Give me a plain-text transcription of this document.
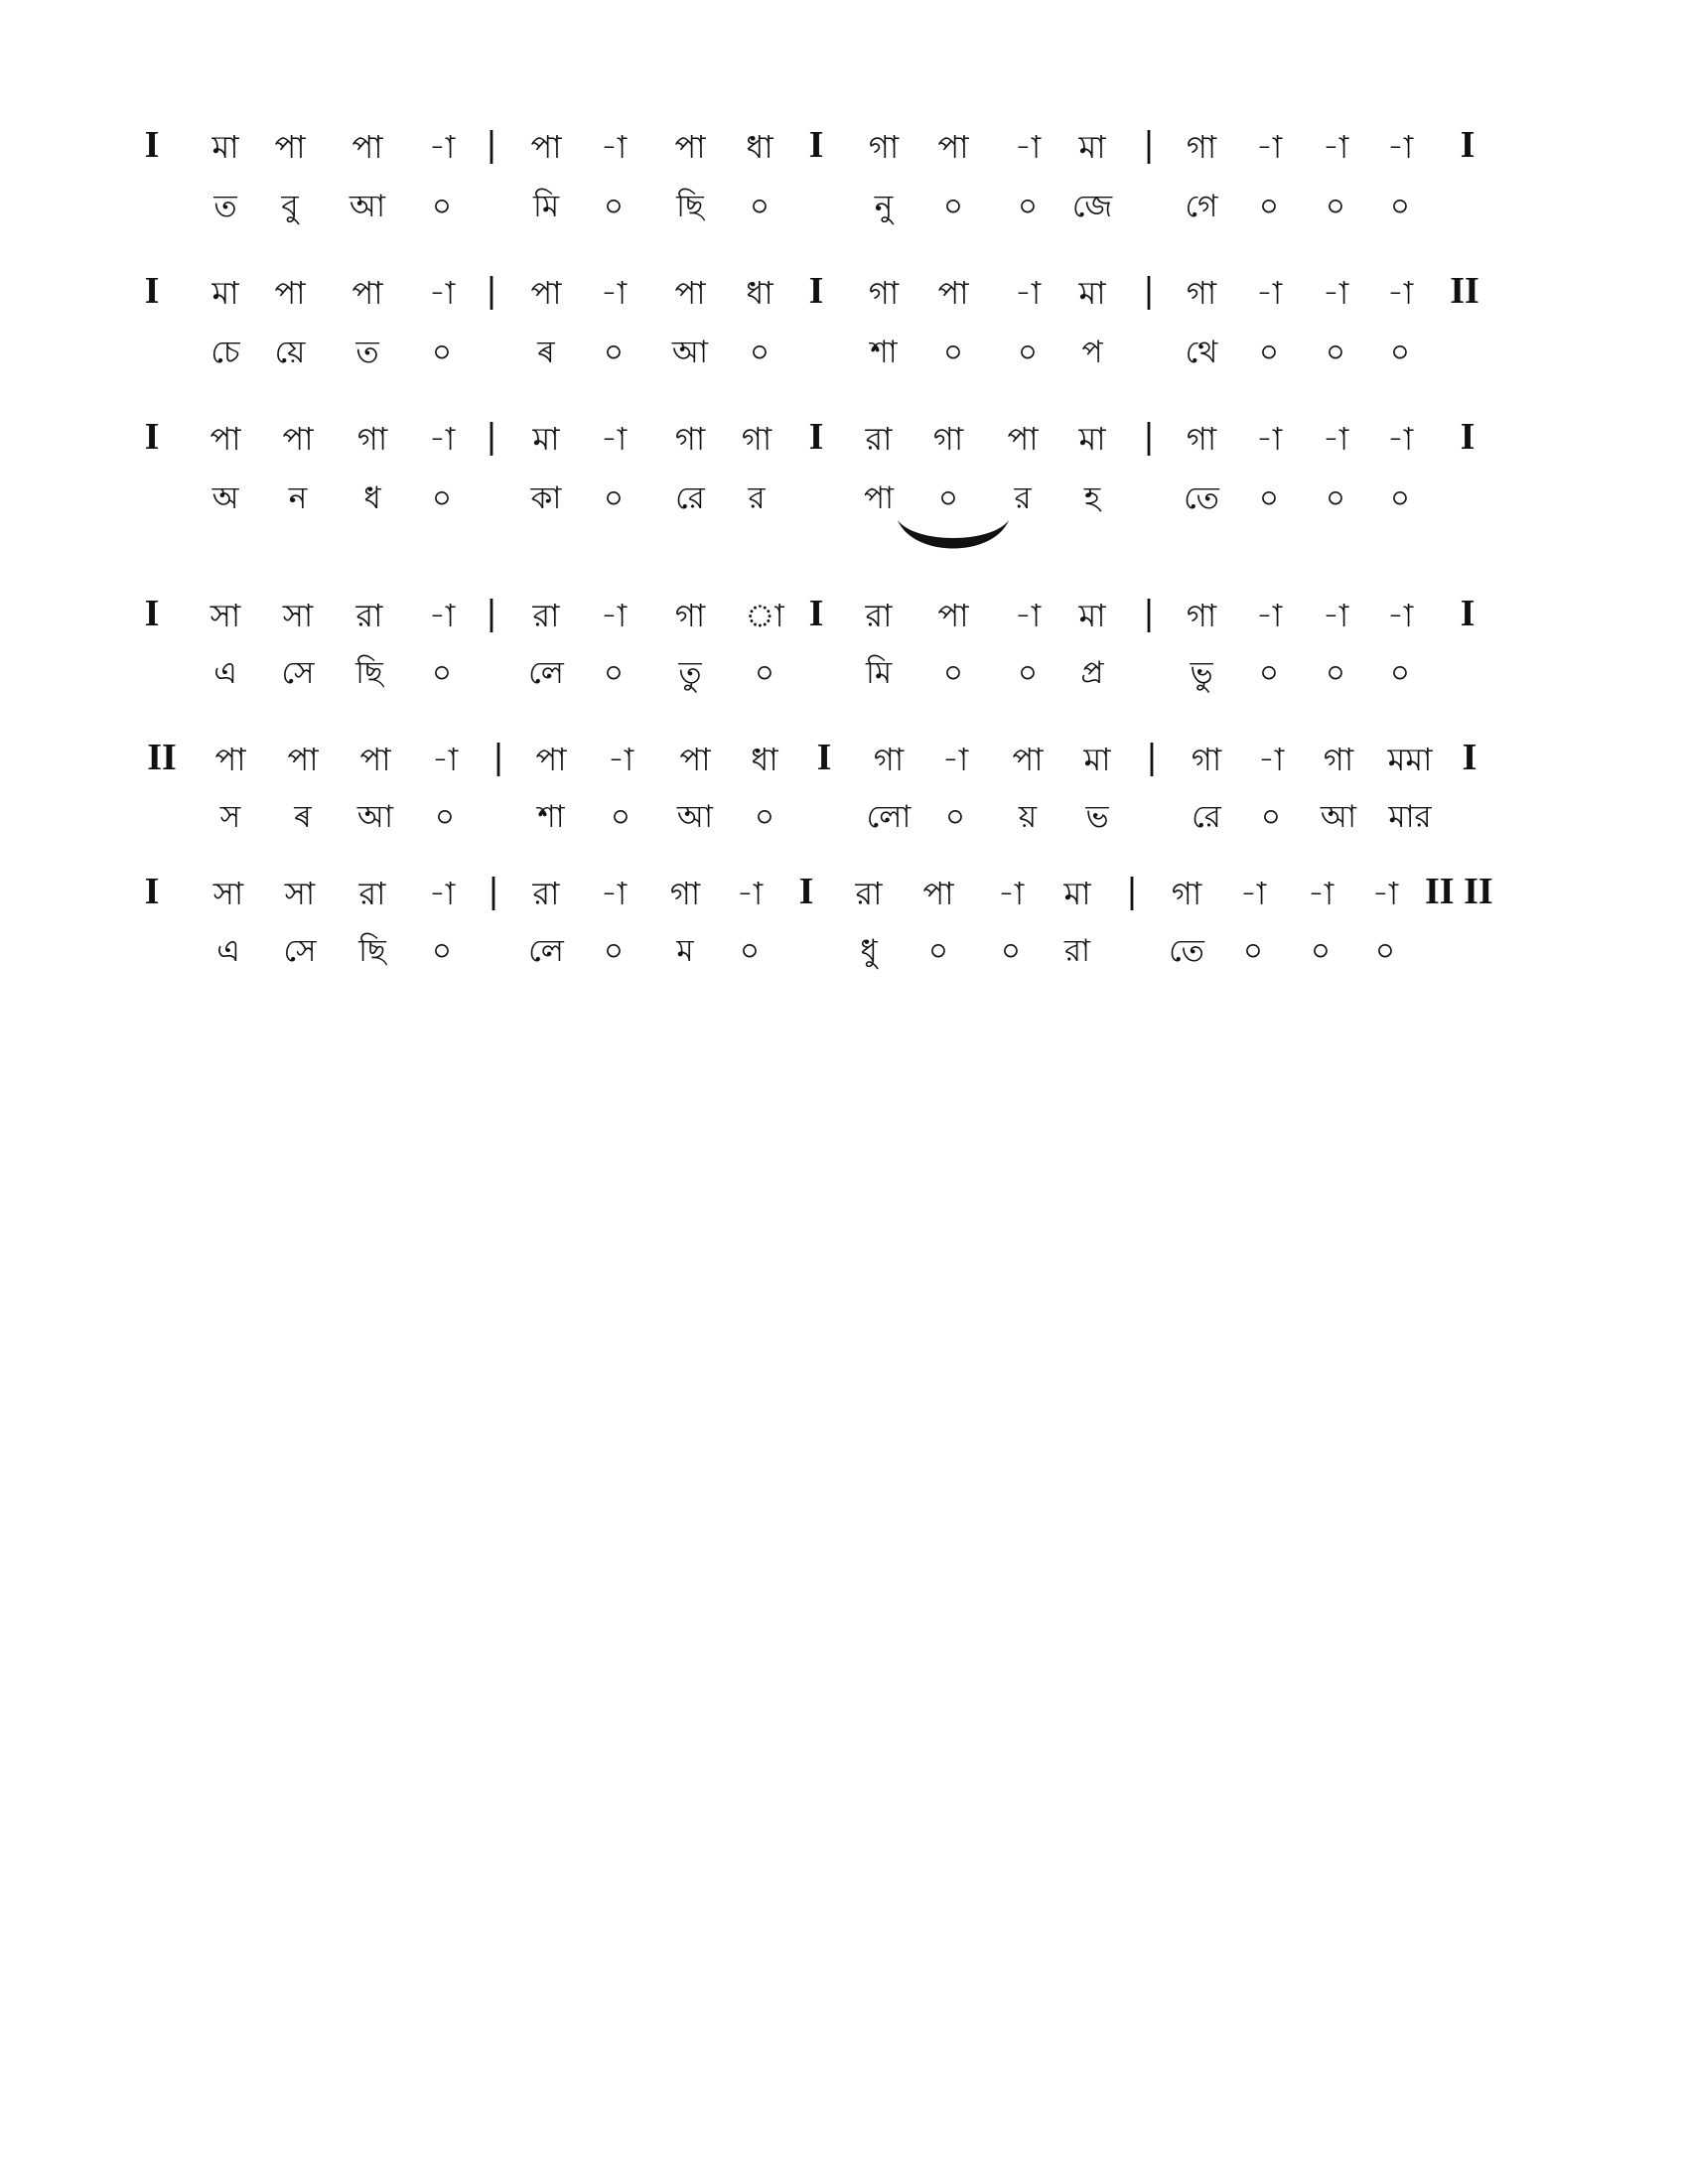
I	মা	পা	পা	-া |	পা	-া	পা	ধা I	গা	পা	-া	মা	|	গা	-া	-া	-া	I
ত	বু	আ	০	মি	০	ছি	০	নু	০	০	জে	গে	০	০	০
I	মা	পা	পা	-া |	পা	-া	পা	ধা I	গা	পা	-া	মা	|	গা	-া	-া	-া II
চে	য়ে	ত	০	ৰ	০	আ	০	শা	০	০	প	থে	০	০	০
I	পা	পা	গা	-া |	মা	-া	গা	গা I	রা	গা	পা	মা	|	গা	-া	-া	-া	I
অ	ন	ধ	০	কা	০	রে	র	পা	০	র	হ	তে	০	০	০
I	সা	সা	রা	-া |	রা	-া	গা	া I	রা	পা	-া	মা	|	গা	-া	-া	-া	I
এ	সে	ছি	০	লে	০	তু	০	মি	০	০	প্র	ভু	০	০	০
II	পা	পা	পা	-া	| পা	-া	পা	ধা	I	গা	-া	পা	মা	|	গা	-া	গা	মমা I
স	ৰ	আ	০	শা	০	আ	০	লো	০	য়	ভ	রে	০	আ	মার
I	সা	সা	রা	-া |	রা	-া	গা	-া I	রা	পা	-া	মা	|	গা	-া	-া	-া II II
এ	সে	ছি	০	লে	০	ম	০	ধু	০	০	রা	তে	০	০	০
